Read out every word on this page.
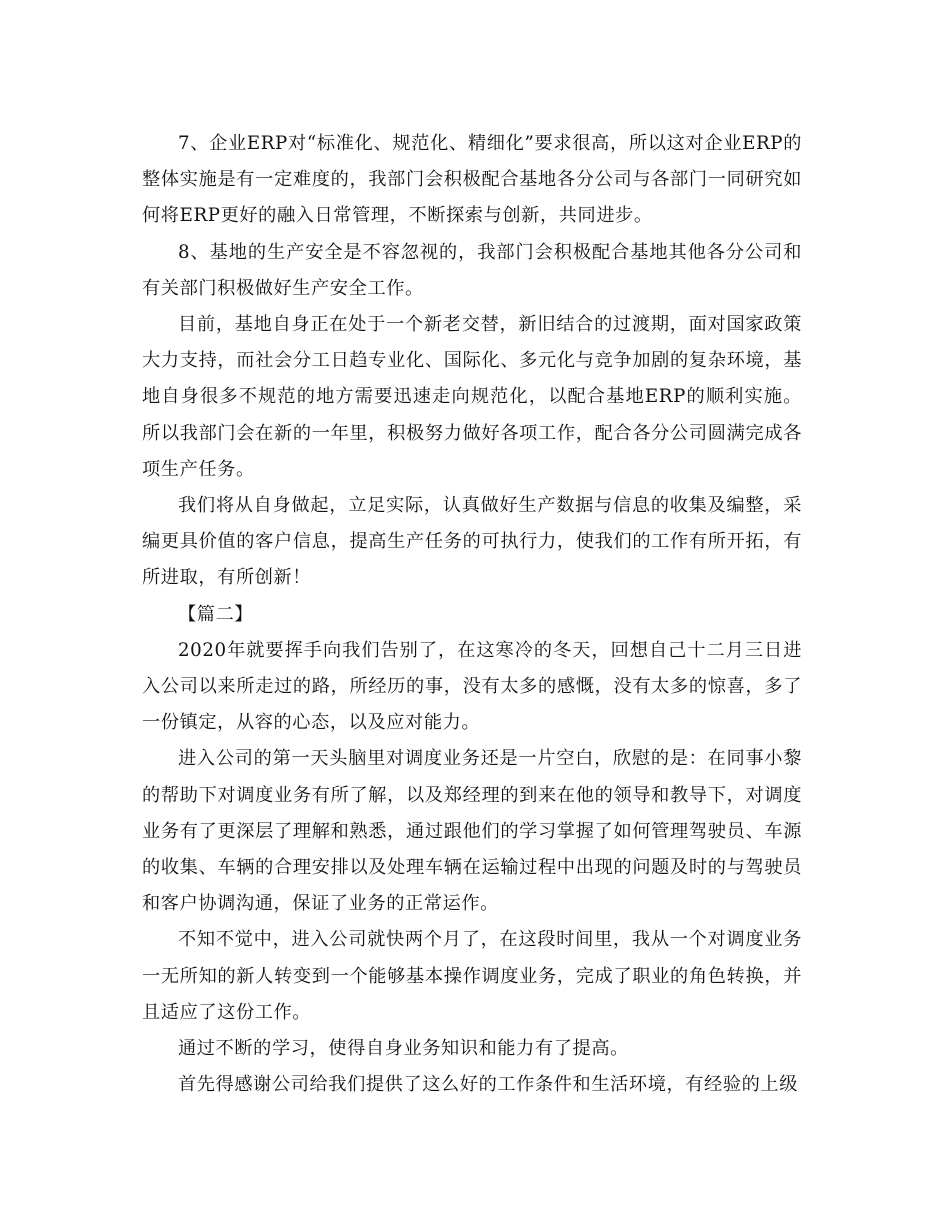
7、企业ERP对“标准化、规范化、精细化”要求很高，所以这对企业ERP的整体实施是有一定难度的，我部门会积极配合基地各分公司与各部门一同研究如何将ERP更好的融入日常管理，不断探索与创新，共同进步。

8、基地的生产安全是不容忽视的，我部门会积极配合基地其他各分公司和有关部门积极做好生产安全工作。

目前，基地自身正在处于一个新老交替，新旧结合的过渡期，面对国家政策大力支持，而社会分工日趋专业化、国际化、多元化与竞争加剧的复杂环境，基地自身很多不规范的地方需要迅速走向规范化，以配合基地ERP的顺利实施。所以我部门会在新的一年里，积极努力做好各项工作，配合各分公司圆满完成各项生产任务。

我们将从自身做起，立足实际，认真做好生产数据与信息的收集及编整，采编更具价值的客户信息，提高生产任务的可执行力，使我们的工作有所开拓，有所进取，有所创新！

【篇二】

2020年就要挥手向我们告别了，在这寒冷的冬天，回想自己十二月三日进入公司以来所走过的路，所经历的事，没有太多的感慨，没有太多的惊喜，多了一份镇定，从容的心态，以及应对能力。

进入公司的第一天头脑里对调度业务还是一片空白，欣慰的是：在同事小黎的帮助下对调度业务有所了解，以及郑经理的到来在他的领导和教导下，对调度业务有了更深层了理解和熟悉，通过跟他们的学习掌握了如何管理驾驶员、车源的收集、车辆的合理安排以及处理车辆在运输过程中出现的问题及时的与驾驶员和客户协调沟通，保证了业务的正常运作。

不知不觉中，进入公司就快两个月了，在这段时间里，我从一个对调度业务一无所知的新人转变到一个能够基本操作调度业务，完成了职业的角色转换，并且适应了这份工作。

通过不断的学习，使得自身业务知识和能力有了提高。

首先得感谢公司给我们提供了这么好的工作条件和生活环境，有经验的上级
